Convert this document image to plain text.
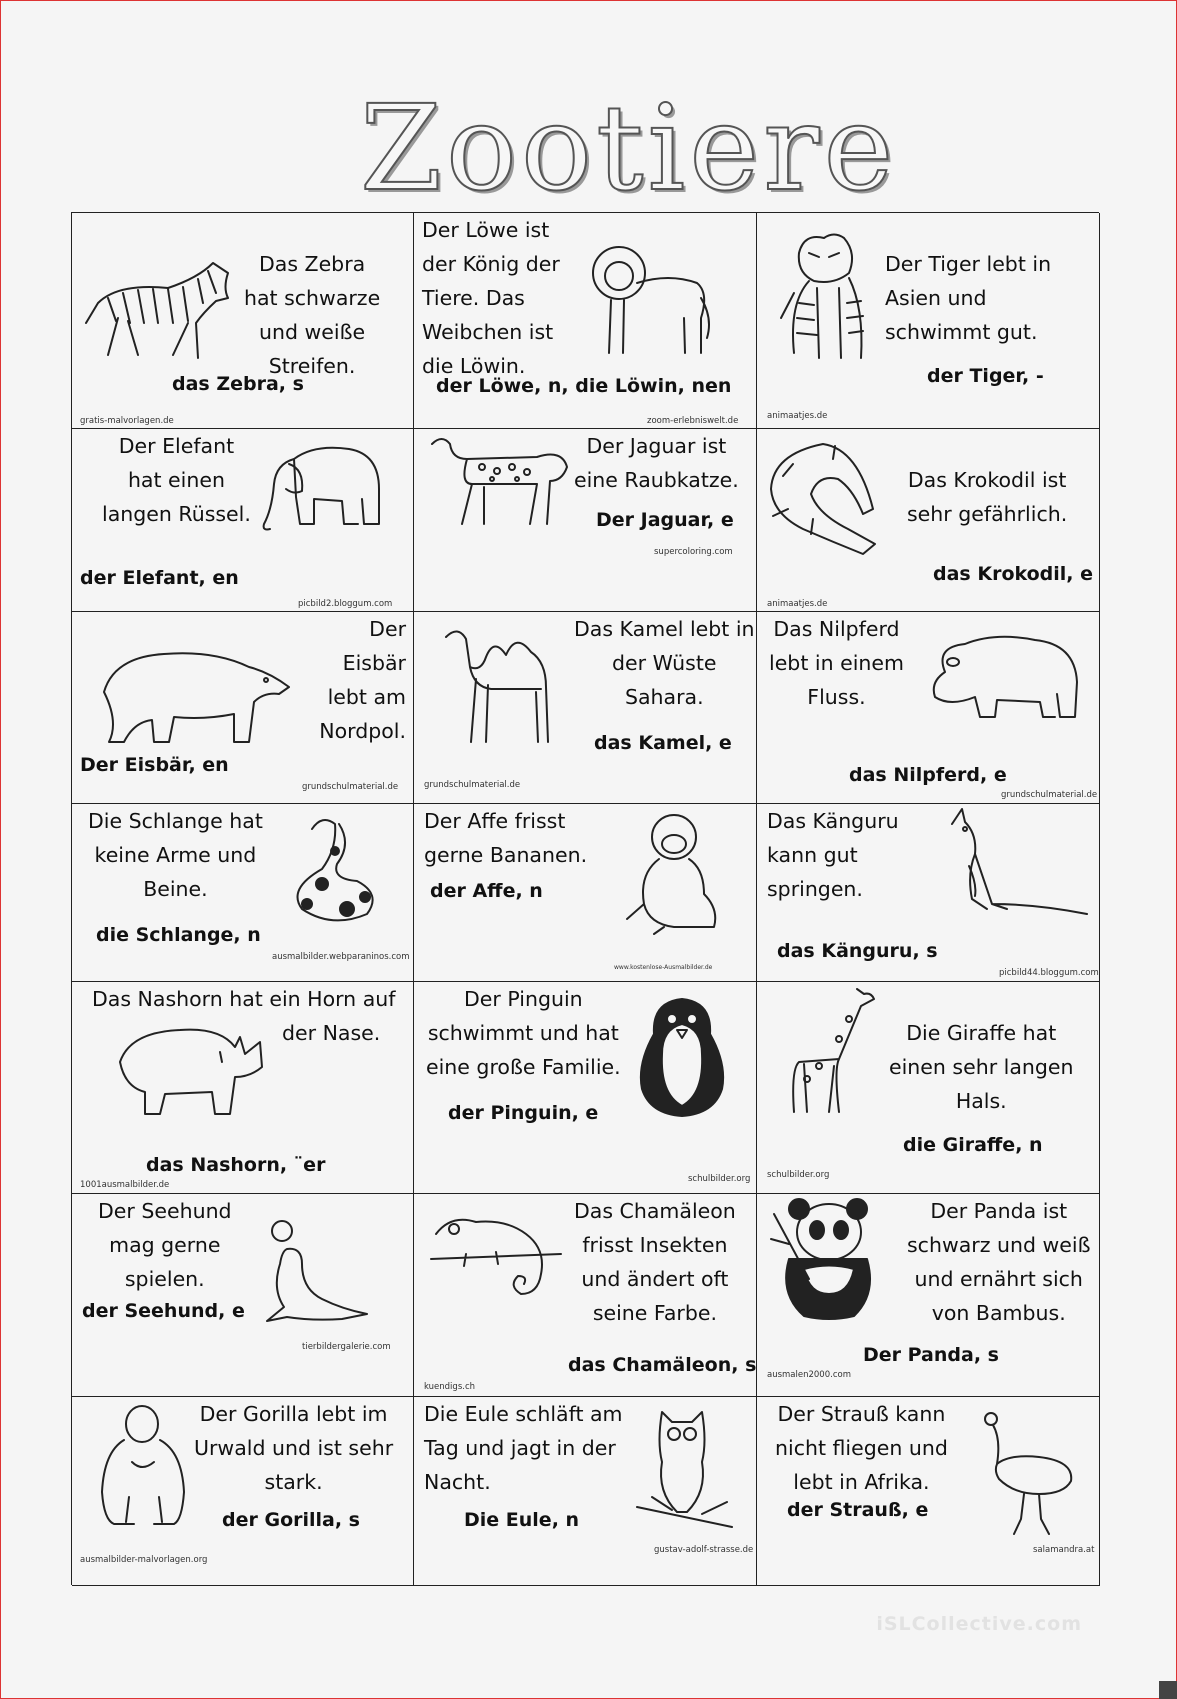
Zootiere
Das Zebra
hat schwarze
und weiße
Streifen.
das Zebra, s
gratis-malvorlagen.de
Der Löwe ist
der König der
Tiere. Das
Weibchen ist
die Löwin.
der Löwe, n, die Löwin, nen
zoom-erlebniswelt.de
Der Tiger lebt in
Asien und
schwimmt gut.
der Tiger, -
animaatjes.de
Der Elefant
hat einen
langen Rüssel.
der Elefant, en
picbild2.bloggum.com
Der Jaguar ist
eine Raubkatze.
Der Jaguar, e
supercoloring.com
Das Krokodil ist
sehr gefährlich.
das Krokodil, e
animaatjes.de
Der
Eisbär
lebt am
Nordpol.
Der Eisbär, en
grundschulmaterial.de
Das Kamel lebt in
der Wüste
Sahara.
das Kamel, e
grundschulmaterial.de
Das Nilpferd
lebt in einem
Fluss.
das Nilpferd, e
grundschulmaterial.de
Die Schlange hat
keine Arme und
Beine.
die Schlange, n
ausmalbilder.webparaninos.com
Der Affe frisst
gerne Bananen.
der Affe, n
www.kostenlose-Ausmalbilder.de
Das Känguru
kann gut
springen.
das Känguru, s
picbild44.bloggum.com
Das Nashorn hat ein Horn auf
der Nase.
das Nashorn, ¨er
1001ausmalbilder.de
Der Pinguin
schwimmt und hat
eine große Familie.
der Pinguin, e
schulbilder.org
Die Giraffe hat
einen sehr langen
Hals.
die Giraffe, n
schulbilder.org
Der Seehund
mag gerne
spielen.
der Seehund, e
tierbildergalerie.com
Das Chamäleon
frisst Insekten
und ändert oft
seine Farbe.
das Chamäleon, s
kuendigs.ch
Der Panda ist
schwarz und weiß
und ernährt sich
von Bambus.
Der Panda, s
ausmalen2000.com
Der Gorilla lebt im
Urwald und ist sehr
stark.
der Gorilla, s
ausmalbilder-malvorlagen.org
Die Eule schläft am
Tag und jagt in der
Nacht.
Die Eule, n
gustav-adolf-strasse.de
Der Strauß kann
nicht fliegen und
lebt in Afrika.
der Strauß, e
salamandra.at
iSLCollective.com
